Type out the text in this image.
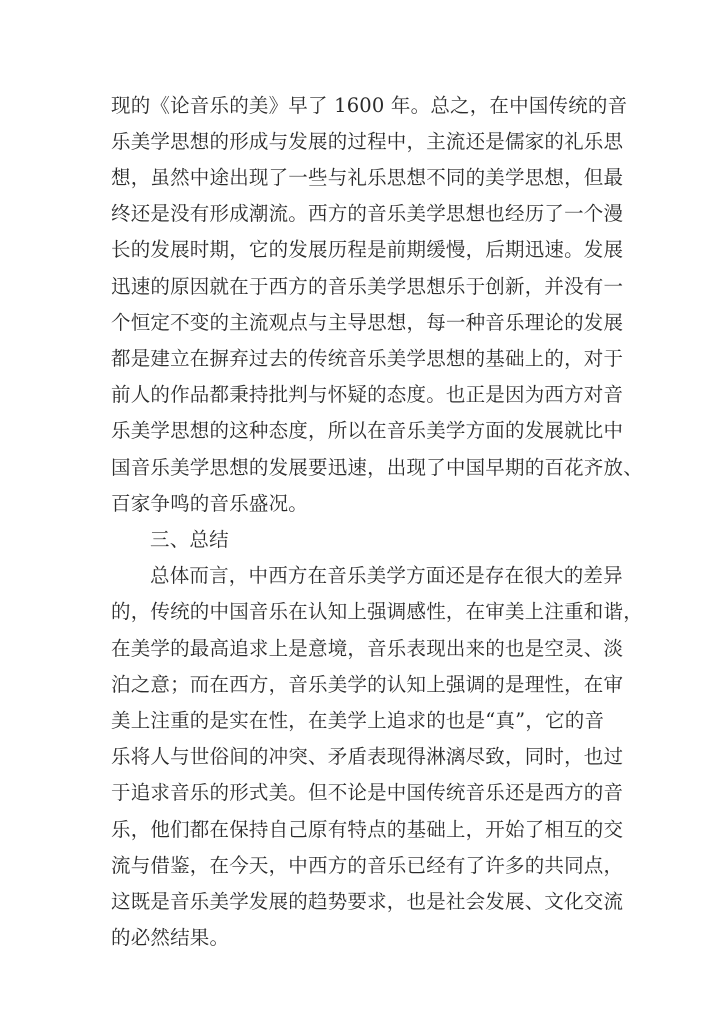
现的《论音乐的美》早了 1600 年。总之，在中国传统的音
乐美学思想的形成与发展的过程中，主流还是儒家的礼乐思
想，虽然中途出现了一些与礼乐思想不同的美学思想，但最
终还是没有形成潮流。西方的音乐美学思想也经历了一个漫
长的发展时期，它的发展历程是前期缓慢，后期迅速。发展
迅速的原因就在于西方的音乐美学思想乐于创新，并没有一
个恒定不变的主流观点与主导思想，每一种音乐理论的发展
都是建立在摒弃过去的传统音乐美学思想的基础上的，对于
前人的作品都秉持批判与怀疑的态度。也正是因为西方对音
乐美学思想的这种态度，所以在音乐美学方面的发展就比中
国音乐美学思想的发展要迅速，出现了中国早期的百花齐放、
百家争鸣的音乐盛况。
三、总结
总体而言，中西方在音乐美学方面还是存在很大的差异
的，传统的中国音乐在认知上强调感性，在审美上注重和谐，
在美学的最高追求上是意境，音乐表现出来的也是空灵、淡
泊之意；而在西方，音乐美学的认知上强调的是理性，在审
美上注重的是实在性，在美学上追求的也是“真”，它的音
乐将人与世俗间的冲突、矛盾表现得淋漓尽致，同时，也过
于追求音乐的形式美。但不论是中国传统音乐还是西方的音
乐，他们都在保持自己原有特点的基础上，开始了相互的交
流与借鉴，在今天，中西方的音乐已经有了许多的共同点，
这既是音乐美学发展的趋势要求，也是社会发展、文化交流
的必然结果。
